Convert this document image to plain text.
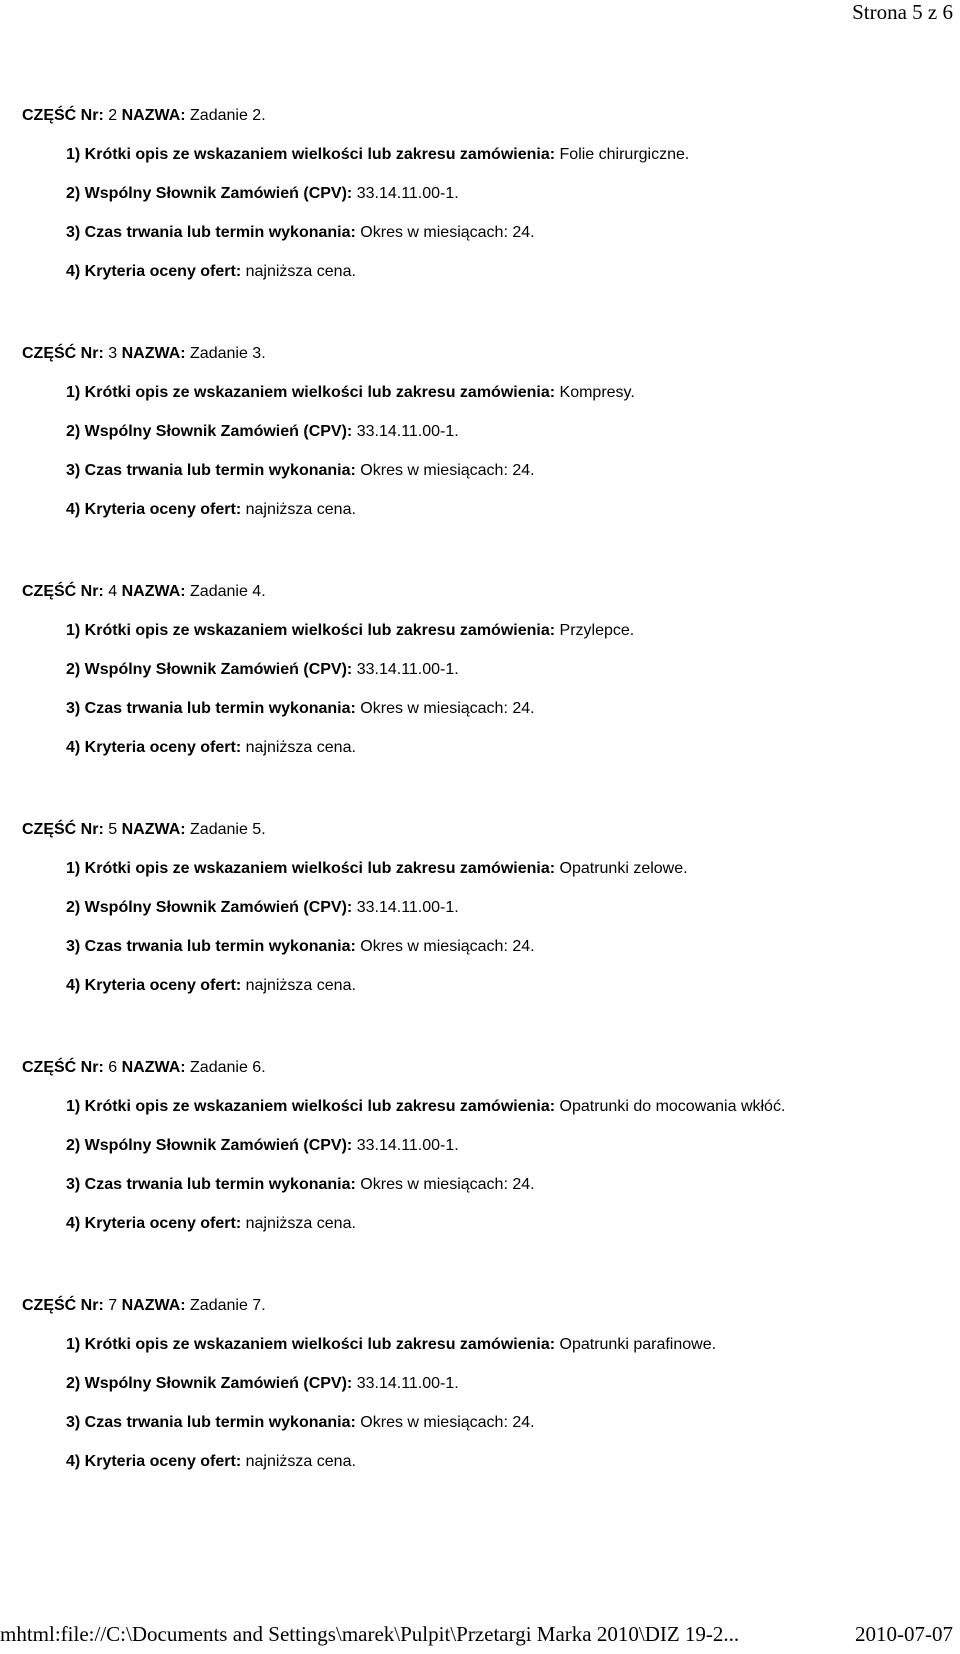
Strona 5 z 6
CZĘŚĆ Nr: 2 NAZWA: Zadanie 2.
1) Krótki opis ze wskazaniem wielkości lub zakresu zamówienia: Folie chirurgiczne.
2) Wspólny Słownik Zamówień (CPV): 33.14.11.00-1.
3) Czas trwania lub termin wykonania: Okres w miesiącach: 24.
4) Kryteria oceny ofert: najniższa cena.
CZĘŚĆ Nr: 3 NAZWA: Zadanie 3.
1) Krótki opis ze wskazaniem wielkości lub zakresu zamówienia: Kompresy.
2) Wspólny Słownik Zamówień (CPV): 33.14.11.00-1.
3) Czas trwania lub termin wykonania: Okres w miesiącach: 24.
4) Kryteria oceny ofert: najniższa cena.
CZĘŚĆ Nr: 4 NAZWA: Zadanie 4.
1) Krótki opis ze wskazaniem wielkości lub zakresu zamówienia: Przylepce.
2) Wspólny Słownik Zamówień (CPV): 33.14.11.00-1.
3) Czas trwania lub termin wykonania: Okres w miesiącach: 24.
4) Kryteria oceny ofert: najniższa cena.
CZĘŚĆ Nr: 5 NAZWA: Zadanie 5.
1) Krótki opis ze wskazaniem wielkości lub zakresu zamówienia: Opatrunki zelowe.
2) Wspólny Słownik Zamówień (CPV): 33.14.11.00-1.
3) Czas trwania lub termin wykonania: Okres w miesiącach: 24.
4) Kryteria oceny ofert: najniższa cena.
CZĘŚĆ Nr: 6 NAZWA: Zadanie 6.
1) Krótki opis ze wskazaniem wielkości lub zakresu zamówienia: Opatrunki do mocowania wkłóć.
2) Wspólny Słownik Zamówień (CPV): 33.14.11.00-1.
3) Czas trwania lub termin wykonania: Okres w miesiącach: 24.
4) Kryteria oceny ofert: najniższa cena.
CZĘŚĆ Nr: 7 NAZWA: Zadanie 7.
1) Krótki opis ze wskazaniem wielkości lub zakresu zamówienia: Opatrunki parafinowe.
2) Wspólny Słownik Zamówień (CPV): 33.14.11.00-1.
3) Czas trwania lub termin wykonania: Okres w miesiącach: 24.
4) Kryteria oceny ofert: najniższa cena.
mhtml:file://C:\Documents and Settings\marek\Pulpit\Przetargi Marka 2010\DIZ 19-2...	2010-07-07
